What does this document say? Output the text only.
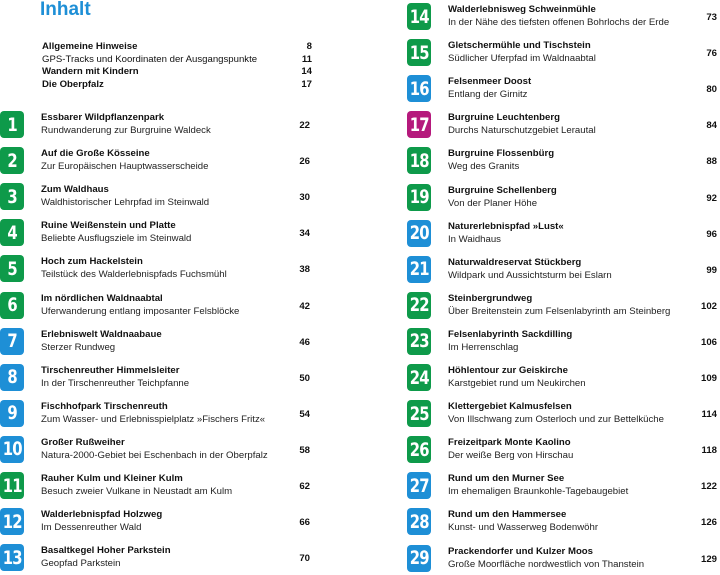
Inhalt
Allgemeine Hinweise	8
GPS-Tracks und Koordinaten der Ausgangspunkte	11
Wandern mit Kindern	14
Die Oberpfalz	17
1	Essbarer Wildpflanzenpark
Rundwanderung zur Burgruine Waldeck	22
2	Auf die Große Kösseine
Zur Europäischen Hauptwasserscheide	26
3	Zum Waldhaus
Waldhistorischer Lehrpfad im Steinwald	30
4	Ruine Weißenstein und Platte
Beliebte Ausflugsziele im Steinwald	34
5	Hoch zum Hackelstein
Teilstück des Walderlebnispfads Fuchsmühl	38
6	Im nördlichen Waldnaabtal
Uferwanderung entlang imposanter Felsblöcke	42
7	Erlebniswelt Waldnaabaue
Sterzer Rundweg	46
8	Tirschenreuther Himmelsleiter
In der Tirschenreuther Teichpfanne	50
9	Fischhofpark Tirschenreuth
Zum Wasser- und Erlebnisspielplatz »Fischers Fritz«	54
10 Großer Rußweiher
Natura-2000-Gebiet bei Eschenbach in der Oberpfalz	58
11 Rauher Kulm und Kleiner Kulm
Besuch zweier Vulkane in Neustadt am Kulm	62
12 Walderlebnispfad Holzweg
Im Dessenreuther Wald	66
13 Basaltkegel Hoher Parkstein
Geopfad Parkstein	70
14 Walderlebnisweg Schweinmühle
In der Nähe des tiefsten offenen Bohrlochs der Erde	73
15 Gletschermühle und Tischstein
Südlicher Uferpfad im Waldnaabtal	76
16 Felsenmeer Doost
Entlang der Girnitz	80
17 Burgruine Leuchtenberg
Durchs Naturschutzgebiet Lerautal	84
18 Burgruine Flossenbürg
Weg des Granits	88
19 Burgruine Schellenberg
Von der Planer Höhe	92
20 Naturerlebnispfad »Lust«
In Waidhaus	96
21 Naturwaldreservat Stückberg
Wildpark und Aussichtsturm bei Eslarn	99
22 Steinbergrundweg
Über Breitenstein zum Felsenlabyrinth am Steinberg	102
23 Felsenlabyrinth Sackdilling
Im Herrenschlag	106
24 Höhlentour zur Geiskirche
Karstgebiet rund um Neukirchen	109
25 Klettergebiet Kalmusfelsen
Von Illschwang zum Osterloch und zur Bettelküche	114
26 Freizeitpark Monte Kaolino
Der weiße Berg von Hirschau	118
27 Rund um den Murner See
Im ehemaligen Braunkohle-Tagebaugebiet	122
28 Rund um den Hammersee
Kunst- und Wasserweg Bodenwöhr	126
29 Prackendorfer und Kulzer Moos
Große Moorfläche nordwestlich von Thanstein	129
